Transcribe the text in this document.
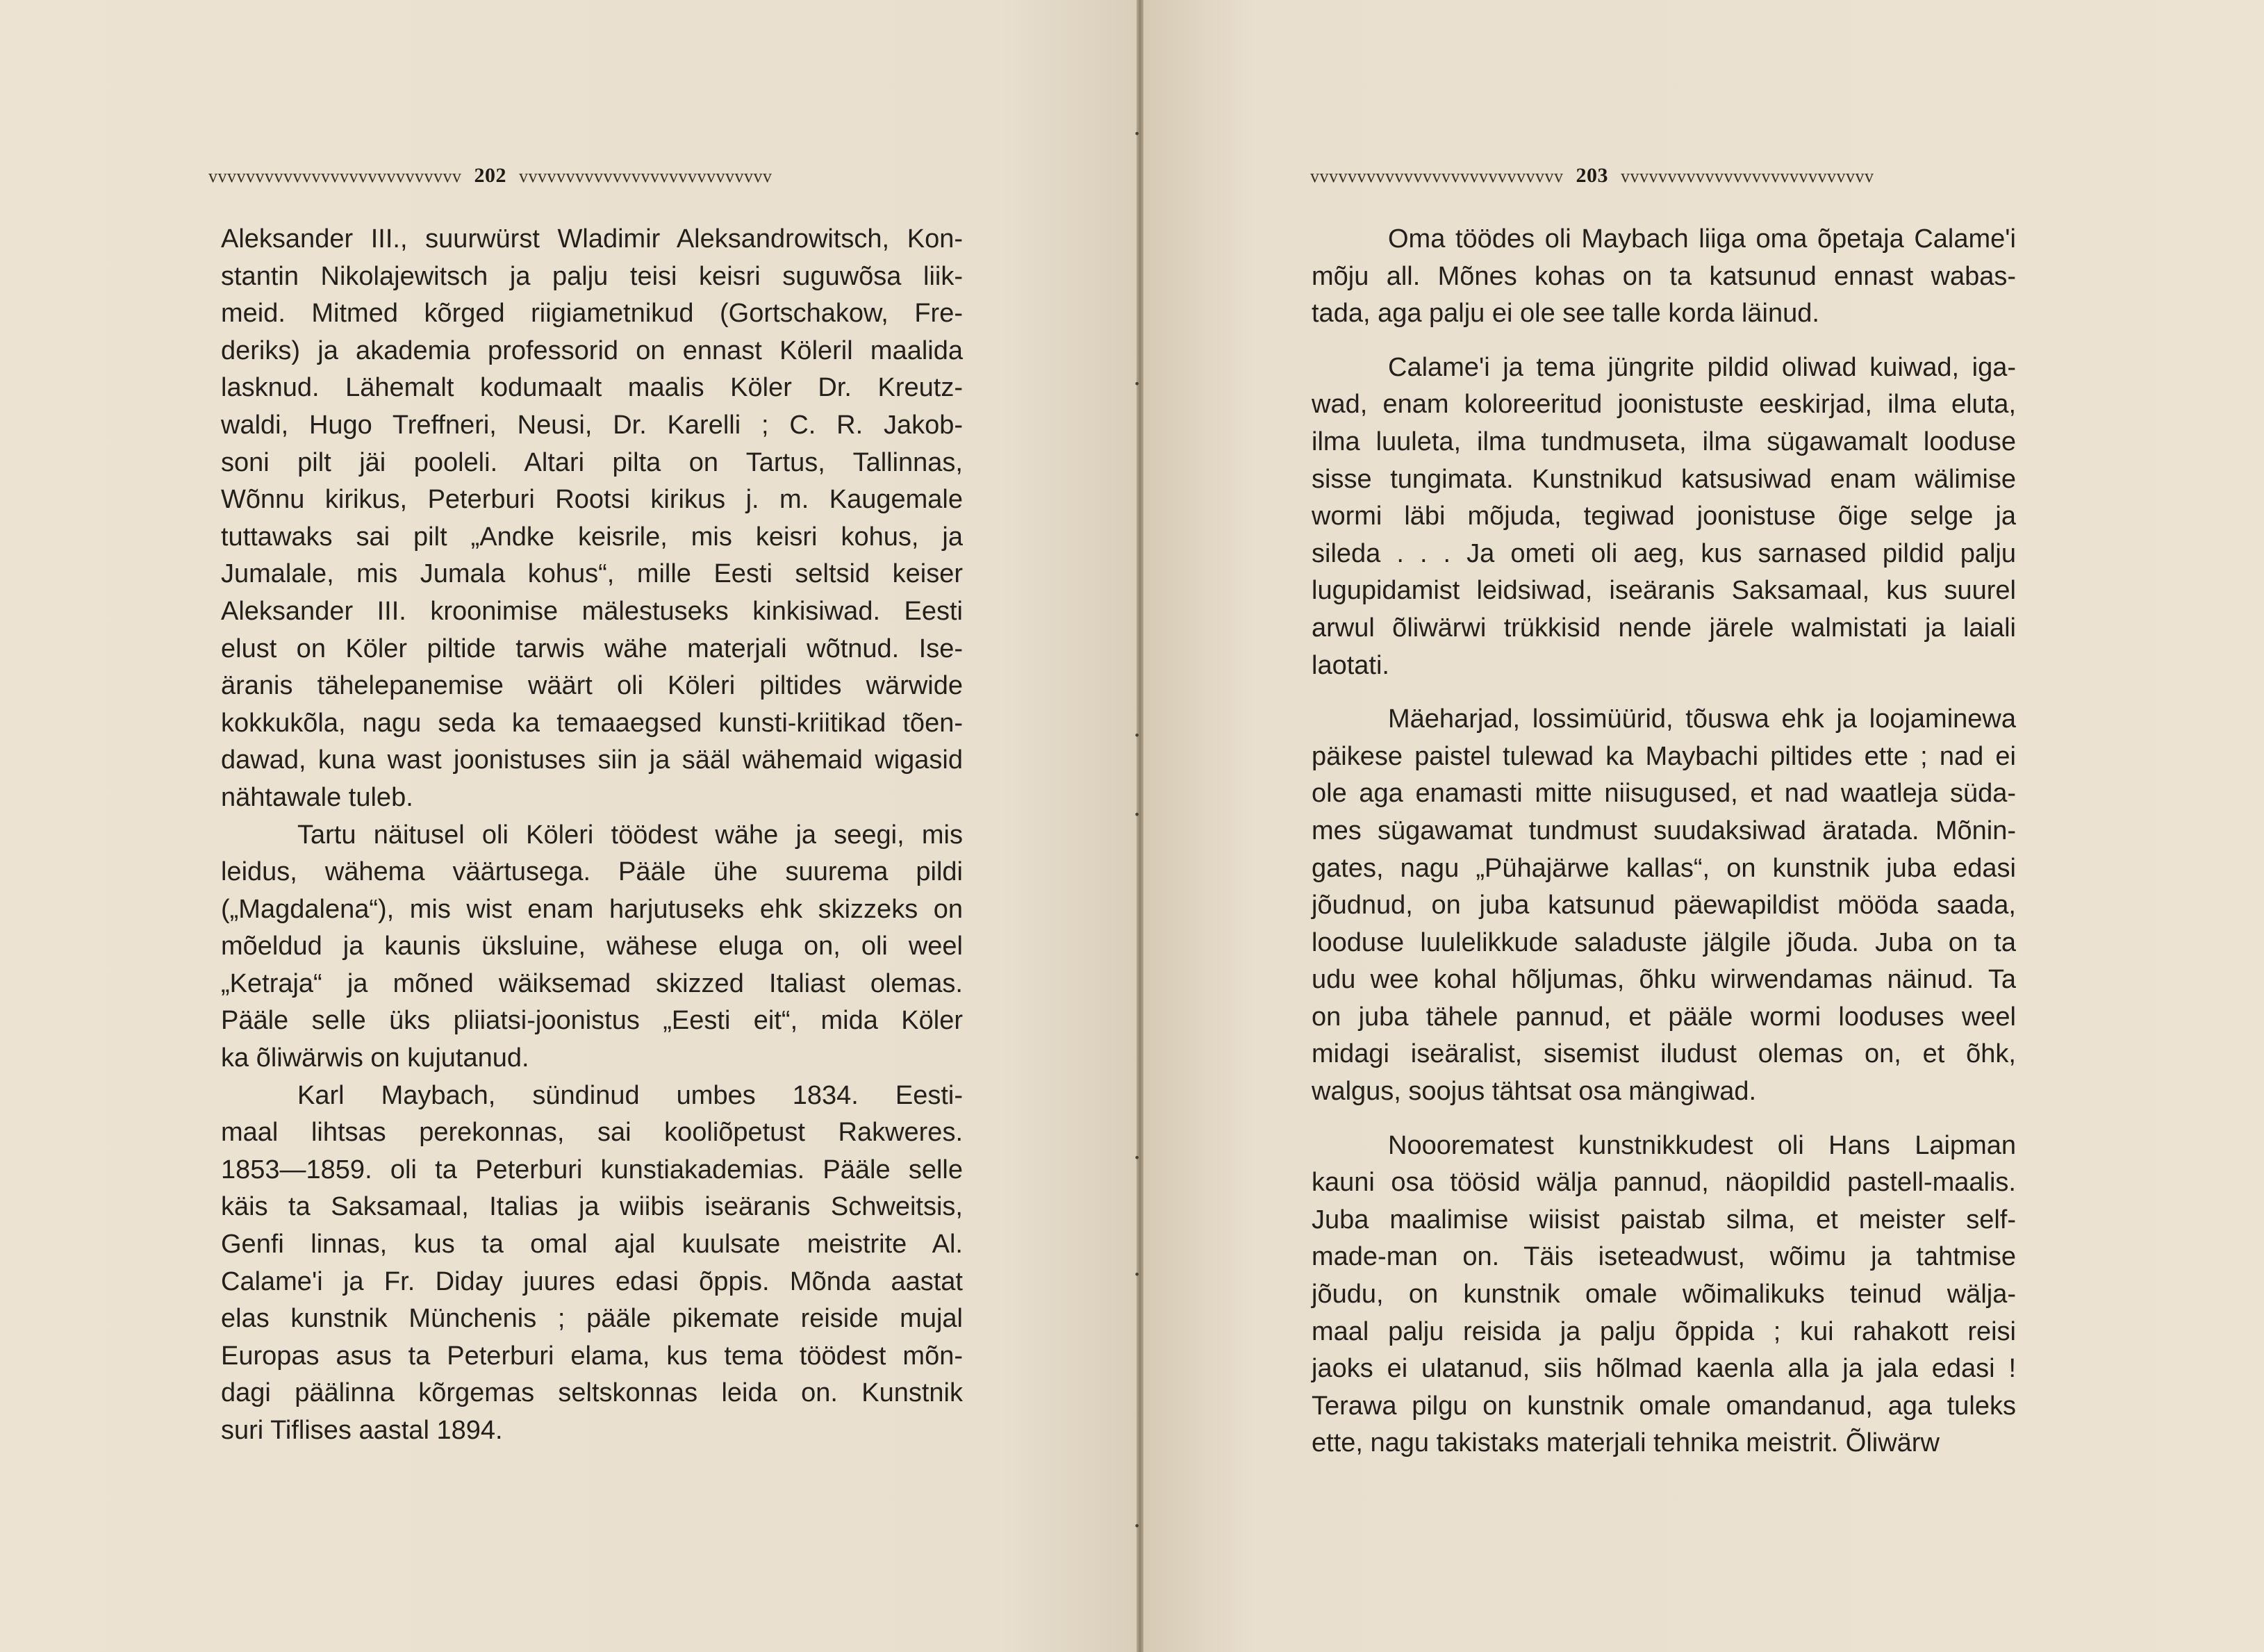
vvvvvvvvvvvvvvvvvvvvvvvvvvv 202 vvvvvvvvvvvvvvvvvvvvvvvvvvv
Aleksander III., suurwürst Wladimir Aleksandrowitsch, Kon-
stantin Nikolajewitsch ja palju teisi keisri suguwõsa liik-
meid. Mitmed kõrged riigiametnikud (Gortschakow, Fre-
deriks) ja akademia professorid on ennast Köleril maalida
lasknud. Lähemalt kodumaalt maalis Köler Dr. Kreutz-
waldi, Hugo Treffneri, Neusi, Dr. Karelli ; C. R. Jakob-
soni pilt jäi pooleli. Altari pilta on Tartus, Tallinnas,
Wõnnu kirikus, Peterburi Rootsi kirikus j. m. Kaugemale
tuttawaks sai pilt „Andke keisrile, mis keisri kohus, ja
Jumalale, mis Jumala kohus“, mille Eesti seltsid keiser
Aleksander III. kroonimise mälestuseks kinkisiwad. Eesti
elust on Köler piltide tarwis wähe materjali wõtnud. Ise-
äranis tähelepanemise wäärt oli Köleri piltides wärwide
kokkukõla, nagu seda ka temaaegsed kunsti-kriitikad tõen-
dawad, kuna wast joonistuses siin ja sääl wähemaid wigasid
nähtawale tuleb.
Tartu näitusel oli Köleri töödest wähe ja seegi, mis
leidus, wähema väärtusega. Pääle ühe suurema pildi
(„Magdalena“), mis wist enam harjutuseks ehk skizzeks on
mõeldud ja kaunis üksluine, wähese eluga on, oli weel
„Ketraja“ ja mõned wäiksemad skizzed Italiast olemas.
Pääle selle üks pliiatsi-joonistus „Eesti eit“, mida Köler
ka õliwärwis on kujutanud.
Karl Maybach, sündinud umbes 1834. Eesti-
maal lihtsas perekonnas, sai kooliõpetust Rakweres.
1853—1859. oli ta Peterburi kunstiakademias. Pääle selle
käis ta Saksamaal, Italias ja wiibis iseäranis Schweitsis,
Genfi linnas, kus ta omal ajal kuulsate meistrite Al.
Calame'i ja Fr. Diday juures edasi õppis. Mõnda aastat
elas kunstnik Münchenis ; pääle pikemate reiside mujal
Europas asus ta Peterburi elama, kus tema töödest mõn-
dagi päälinna kõrgemas seltskonnas leida on. Kunstnik
suri Tiflises aastal 1894.
•
•
•
•
•
•
•
vvvvvvvvvvvvvvvvvvvvvvvvvvv 203 vvvvvvvvvvvvvvvvvvvvvvvvvvv
Oma töödes oli Maybach liiga oma õpetaja Calame'i
mõju all. Mõnes kohas on ta katsunud ennast wabas-
tada, aga palju ei ole see talle korda läinud.
Calame'i ja tema jüngrite pildid oliwad kuiwad, iga-
wad, enam koloreeritud joonistuste eeskirjad, ilma eluta,
ilma luuleta, ilma tundmuseta, ilma sügawamalt looduse
sisse tungimata. Kunstnikud katsusiwad enam wälimise
wormi läbi mõjuda, tegiwad joonistuse õige selge ja
sileda . . . Ja ometi oli aeg, kus sarnased pildid palju
lugupidamist leidsiwad, iseäranis Saksamaal, kus suurel
arwul õliwärwi trükkisid nende järele walmistati ja laiali
laotati.
Mäeharjad, lossimüürid, tõuswa ehk ja loojaminewa
päikese paistel tulewad ka Maybachi piltides ette ; nad ei
ole aga enamasti mitte niisugused, et nad waatleja süda-
mes sügawamat tundmust suudaksiwad äratada. Mõnin-
gates, nagu „Pühajärwe kallas“, on kunstnik juba edasi
jõudnud, on juba katsunud päewapildist mööda saada,
looduse luulelikkude saladuste jälgile jõuda. Juba on ta
udu wee kohal hõljumas, õhku wirwendamas näinud. Ta
on juba tähele pannud, et pääle wormi looduses weel
midagi iseäralist, sisemist iludust olemas on, et õhk,
walgus, soojus tähtsat osa mängiwad.
Nooorematest kunstnikkudest oli Hans Laipman
kauni osa töösid wälja pannud, näopildid pastell-maalis.
Juba maalimise wiisist paistab silma, et meister self-
made-man on. Täis iseteadwust, wõimu ja tahtmise
jõudu, on kunstnik omale wõimalikuks teinud wälja-
maal palju reisida ja palju õppida ; kui rahakott reisi
jaoks ei ulatanud, siis hõlmad kaenla alla ja jala edasi !
Terawa pilgu on kunstnik omale omandanud, aga tuleks
ette, nagu takistaks materjali tehnika meistrit. Õliwärw
